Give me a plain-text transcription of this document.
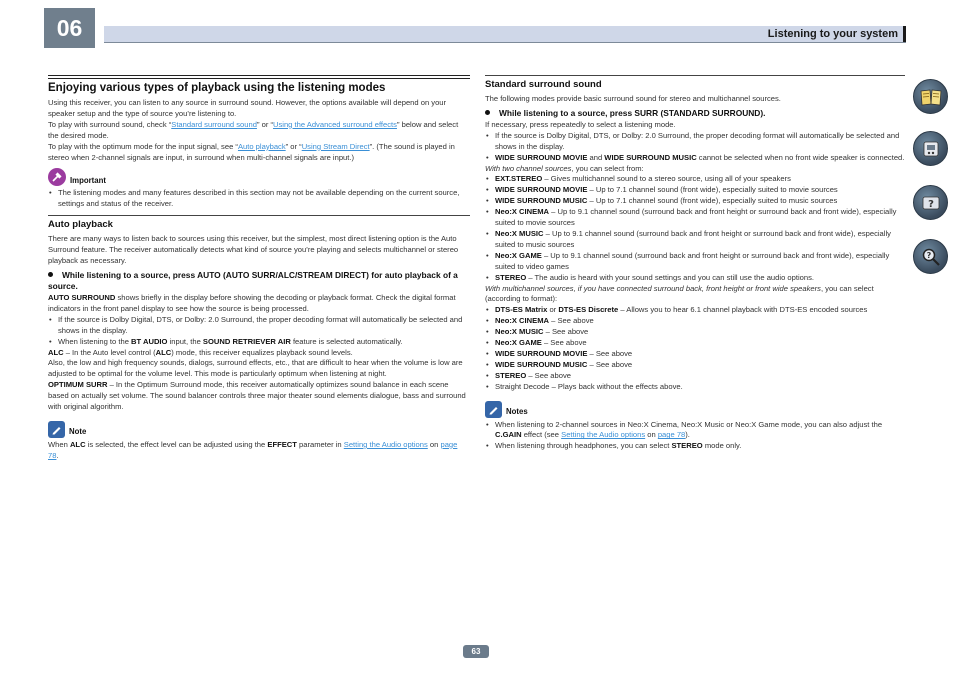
06	Listening to your system
Enjoying various types of playback using the listening modes

Using this receiver, you can listen to any source in surround sound. However, the options available will depend on your speaker setup and the type of source you’re listening to.

To play with surround sound, check “Standard surround sound” or “Using the Advanced surround effects” below and select the desired mode.

To play with the optimum mode for the input signal, see “Auto playback” or “Using Stream Direct”. (The sound is played in stereo when 2-channel signals are input, in surround when multi-channel signals are input.)

Important
• The listening modes and many features described in this section may not be available depending on the current source, settings and status of the receiver.
Auto playback

There are many ways to listen back to sources using this receiver, but the simplest, most direct listening option is the Auto Surround feature. The receiver automatically detects what kind of source you’re playing and selects multichannel or stereo playback as necessary.

While listening to a source, press AUTO (AUTO SURR/ALC/STREAM DIRECT) for auto playback of a source.

AUTO SURROUND shows briefly in the display before showing the decoding or playback format. Check the digital format indicators in the front panel display to see how the source is being processed.

• If the source is Dolby Digital, DTS, or Dolby: 2.0 Surround, the proper decoding format will automatically be selected and shows in the display.
• When listening to the BT AUDIO input, the SOUND RETRIEVER AIR feature is selected automatically.

ALC – In the Auto level control (ALC) mode, this receiver equalizes playback sound levels.

Also, the low and high frequency sounds, dialogs, surround effects, etc., that are difficult to hear when the volume is low are adjusted to be optimal for the volume level. This mode is particularly optimum when listening at night.

OPTIMUM SURR – In the Optimum Surround mode, this receiver automatically optimizes sound balance in each scene based on actually set volume. The sound balancer controls three major theater sound elements dialogue, bass and surround with original algorithm.

Note

When ALC is selected, the effect level can be adjusted using the EFFECT parameter in Setting the Audio options on page 78.

Standard surround sound

The following modes provide basic surround sound for stereo and multichannel sources.

While listening to a source, press SURR (STANDARD SURROUND).

If necessary, press repeatedly to select a listening mode.

• If the source is Dolby Digital, DTS, or Dolby: 2.0 Surround, the proper decoding format will automatically be selected and shows in the display.
• WIDE SURROUND MOVIE and WIDE SURROUND MUSIC cannot be selected when no front wide speaker is connected.

With two channel sources, you can select from:

• EXT.STEREO – Gives multichannel sound to a stereo source, using all of your speakers
• WIDE SURROUND MOVIE – Up to 7.1 channel sound (front wide), especially suited to movie sources
• WIDE SURROUND MUSIC – Up to 7.1 channel sound (front wide), especially suited to music sources
• Neo:X CINEMA – Up to 9.1 channel sound (surround back and front height or surround back and front wide), especially suited to movie sources
• Neo:X MUSIC – Up to 9.1 channel sound (surround back and front height or surround back and front wide), especially suited to music sources
• Neo:X GAME – Up to 9.1 channel sound (surround back and front height or surround back and front wide), especially suited to video games
• STEREO – The audio is heard with your sound settings and you can still use the audio options.

With multichannel sources, if you have connected surround back, front height or front wide speakers, you can select (according to format):

• DTS-ES Matrix or DTS-ES Discrete – Allows you to hear 6.1 channel playback with DTS-ES encoded sources
• Neo:X CINEMA – See above
• Neo:X MUSIC – See above
• Neo:X GAME – See above
• WIDE SURROUND MOVIE – See above
• WIDE SURROUND MUSIC – See above
• STEREO – See above
• Straight Decode – Plays back without the effects above.
Notes
• When listening to 2-channel sources in Neo:X Cinema, Neo:X Music or Neo:X Game mode, you can also adjust the C.GAIN effect (see Setting the Audio options on page 78).
• When listening through headphones, you can select STEREO mode only.
?
?
63
